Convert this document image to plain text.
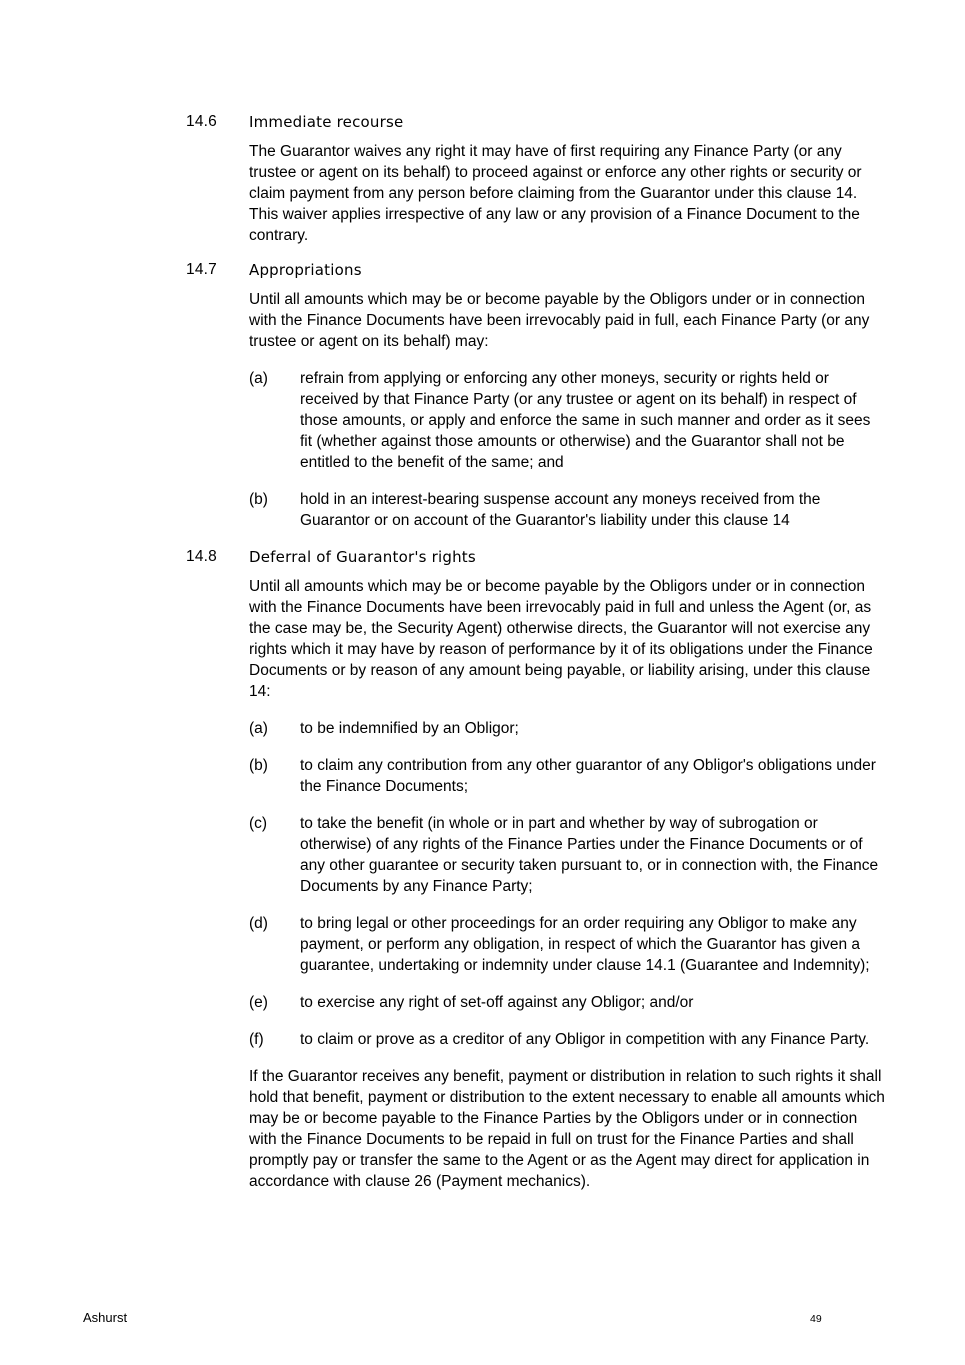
14.6 Immediate recourse
The Guarantor waives any right it may have of first requiring any Finance Party (or any trustee or agent on its behalf) to proceed against or enforce any other rights or security or claim payment from any person before claiming from the Guarantor under this clause 14. This waiver applies irrespective of any law or any provision of a Finance Document to the contrary.
14.7 Appropriations
Until all amounts which may be or become payable by the Obligors under or in connection with the Finance Documents have been irrevocably paid in full, each Finance Party (or any trustee or agent on its behalf) may:
(a) refrain from applying or enforcing any other moneys, security or rights held or received by that Finance Party (or any trustee or agent on its behalf) in respect of those amounts, or apply and enforce the same in such manner and order as it sees fit (whether against those amounts or otherwise) and the Guarantor shall not be entitled to the benefit of the same; and
(b) hold in an interest-bearing suspense account any moneys received from the Guarantor or on account of the Guarantor's liability under this clause 14
14.8 Deferral of Guarantor's rights
Until all amounts which may be or become payable by the Obligors under or in connection with the Finance Documents have been irrevocably paid in full and unless the Agent (or, as the case may be, the Security Agent) otherwise directs, the Guarantor will not exercise any rights which it may have by reason of performance by it of its obligations under the Finance Documents or by reason of any amount being payable, or liability arising, under this clause 14:
(a) to be indemnified by an Obligor;
(b) to claim any contribution from any other guarantor of any Obligor's obligations under the Finance Documents;
(c) to take the benefit (in whole or in part and whether by way of subrogation or otherwise) of any rights of the Finance Parties under the Finance Documents or of any other guarantee or security taken pursuant to, or in connection with, the Finance Documents by any Finance Party;
(d) to bring legal or other proceedings for an order requiring any Obligor to make any payment, or perform any obligation, in respect of which the Guarantor has given a guarantee, undertaking or indemnity under clause 14.1 (Guarantee and Indemnity);
(e) to exercise any right of set-off against any Obligor; and/or
(f) to claim or prove as a creditor of any Obligor in competition with any Finance Party.
If the Guarantor receives any benefit, payment or distribution in relation to such rights it shall hold that benefit, payment or distribution to the extent necessary to enable all amounts which may be or become payable to the Finance Parties by the Obligors under or in connection with the Finance Documents to be repaid in full on trust for the Finance Parties and shall promptly pay or transfer the same to the Agent or as the Agent may direct for application in accordance with clause 26 (Payment mechanics).
Ashurst	49
